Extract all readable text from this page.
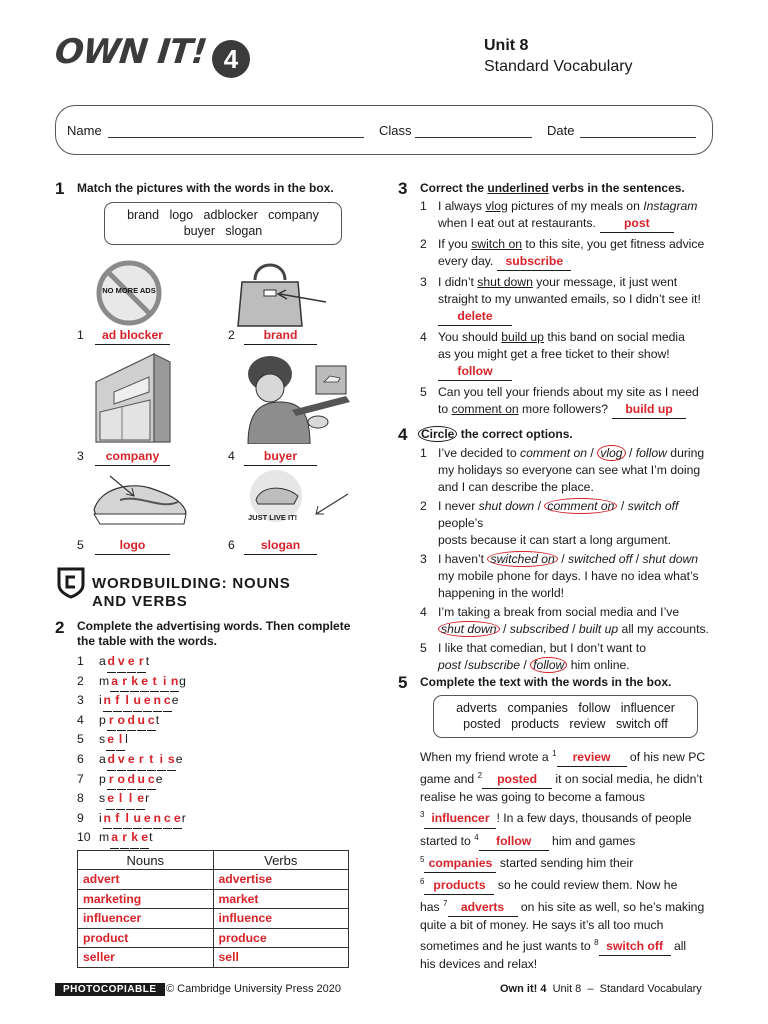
OWN IT! 4	Unit 8
Standard Vocabulary
Name	Class	Date
1 Match the pictures with the words in the box.
brand   logo   adblocker   company
buyer   slogan
NO MORE ADS
1	ad blocker	2	brand
3	company	4	buyer
JUST LIVE IT!
5	logo	6	slogan
WORDBUILDING: NOUNS
AND VERBS
2 Complete the advertising words. Then complete
the table with the words.
1 a d v e r t
2 m a r k e t i ng
3 i n f l u e n ce
4 p r o d u ct
5 s e l l
6 a d v e r t i se
7 p r o d u ce
8 s e l l er
9 i n f l u e n c er
10 m a r k et
Nouns	Verbs
advert	advertise
marketing	market
influencer	influence
product	produce
seller	sell
3 Correct the underlined verbs in the sentences.
1 I always vlog pictures of my meals on Instagram
when I eat out at restaurants. post
2 If you switch on to this site, you get fitness advice
every day. subscribe
3 I didn’t shut down your message, it just went
straight to my unwanted emails, so I didn’t see it!
delete
4 You should build up this band on social media
as you might get a free ticket to their show!
follow
5 Can you tell your friends about my site as I need
to comment on more followers? build up
4 Circle the correct options.
1 I’ve decided to comment on / vlog / follow during
my holidays so everyone can see what I’m doing
and I can describe the place.
2 I never shut down / comment on / switch off people’s
posts because it can start a long argument.
3 I haven’t switched on / switched off / shut down
my mobile phone for days. I have no idea what’s
happening in the world!
4 I’m taking a break from social media and I’ve
shut down / subscribed / built up all my accounts.
5 I like that comedian, but I don’t want to
post /subscribe / follow him online.
5 Complete the text with the words in the box.
adverts   companies   follow   influencer
posted   products   review   switch off
When my friend wrote a $^1$ review of his new PC
game and $^2$ posted it on social media, he didn’t
realise he was going to become a famous
$^3$ influencer ! In a few days, thousands of people
started to $^4$ follow him and games
$^5$ companies started sending him their
$^6$ products so he could review them. Now he
has $^7$ adverts on his site as well, so he’s making
quite a bit of money. He says it’s all too much
sometimes and he just wants to $^8$ switch off all
his devices and relax!
PHOTOCOPIABLE © Cambridge University Press 2020	Own it! 4  Unit 8  –  Standard Vocabulary
